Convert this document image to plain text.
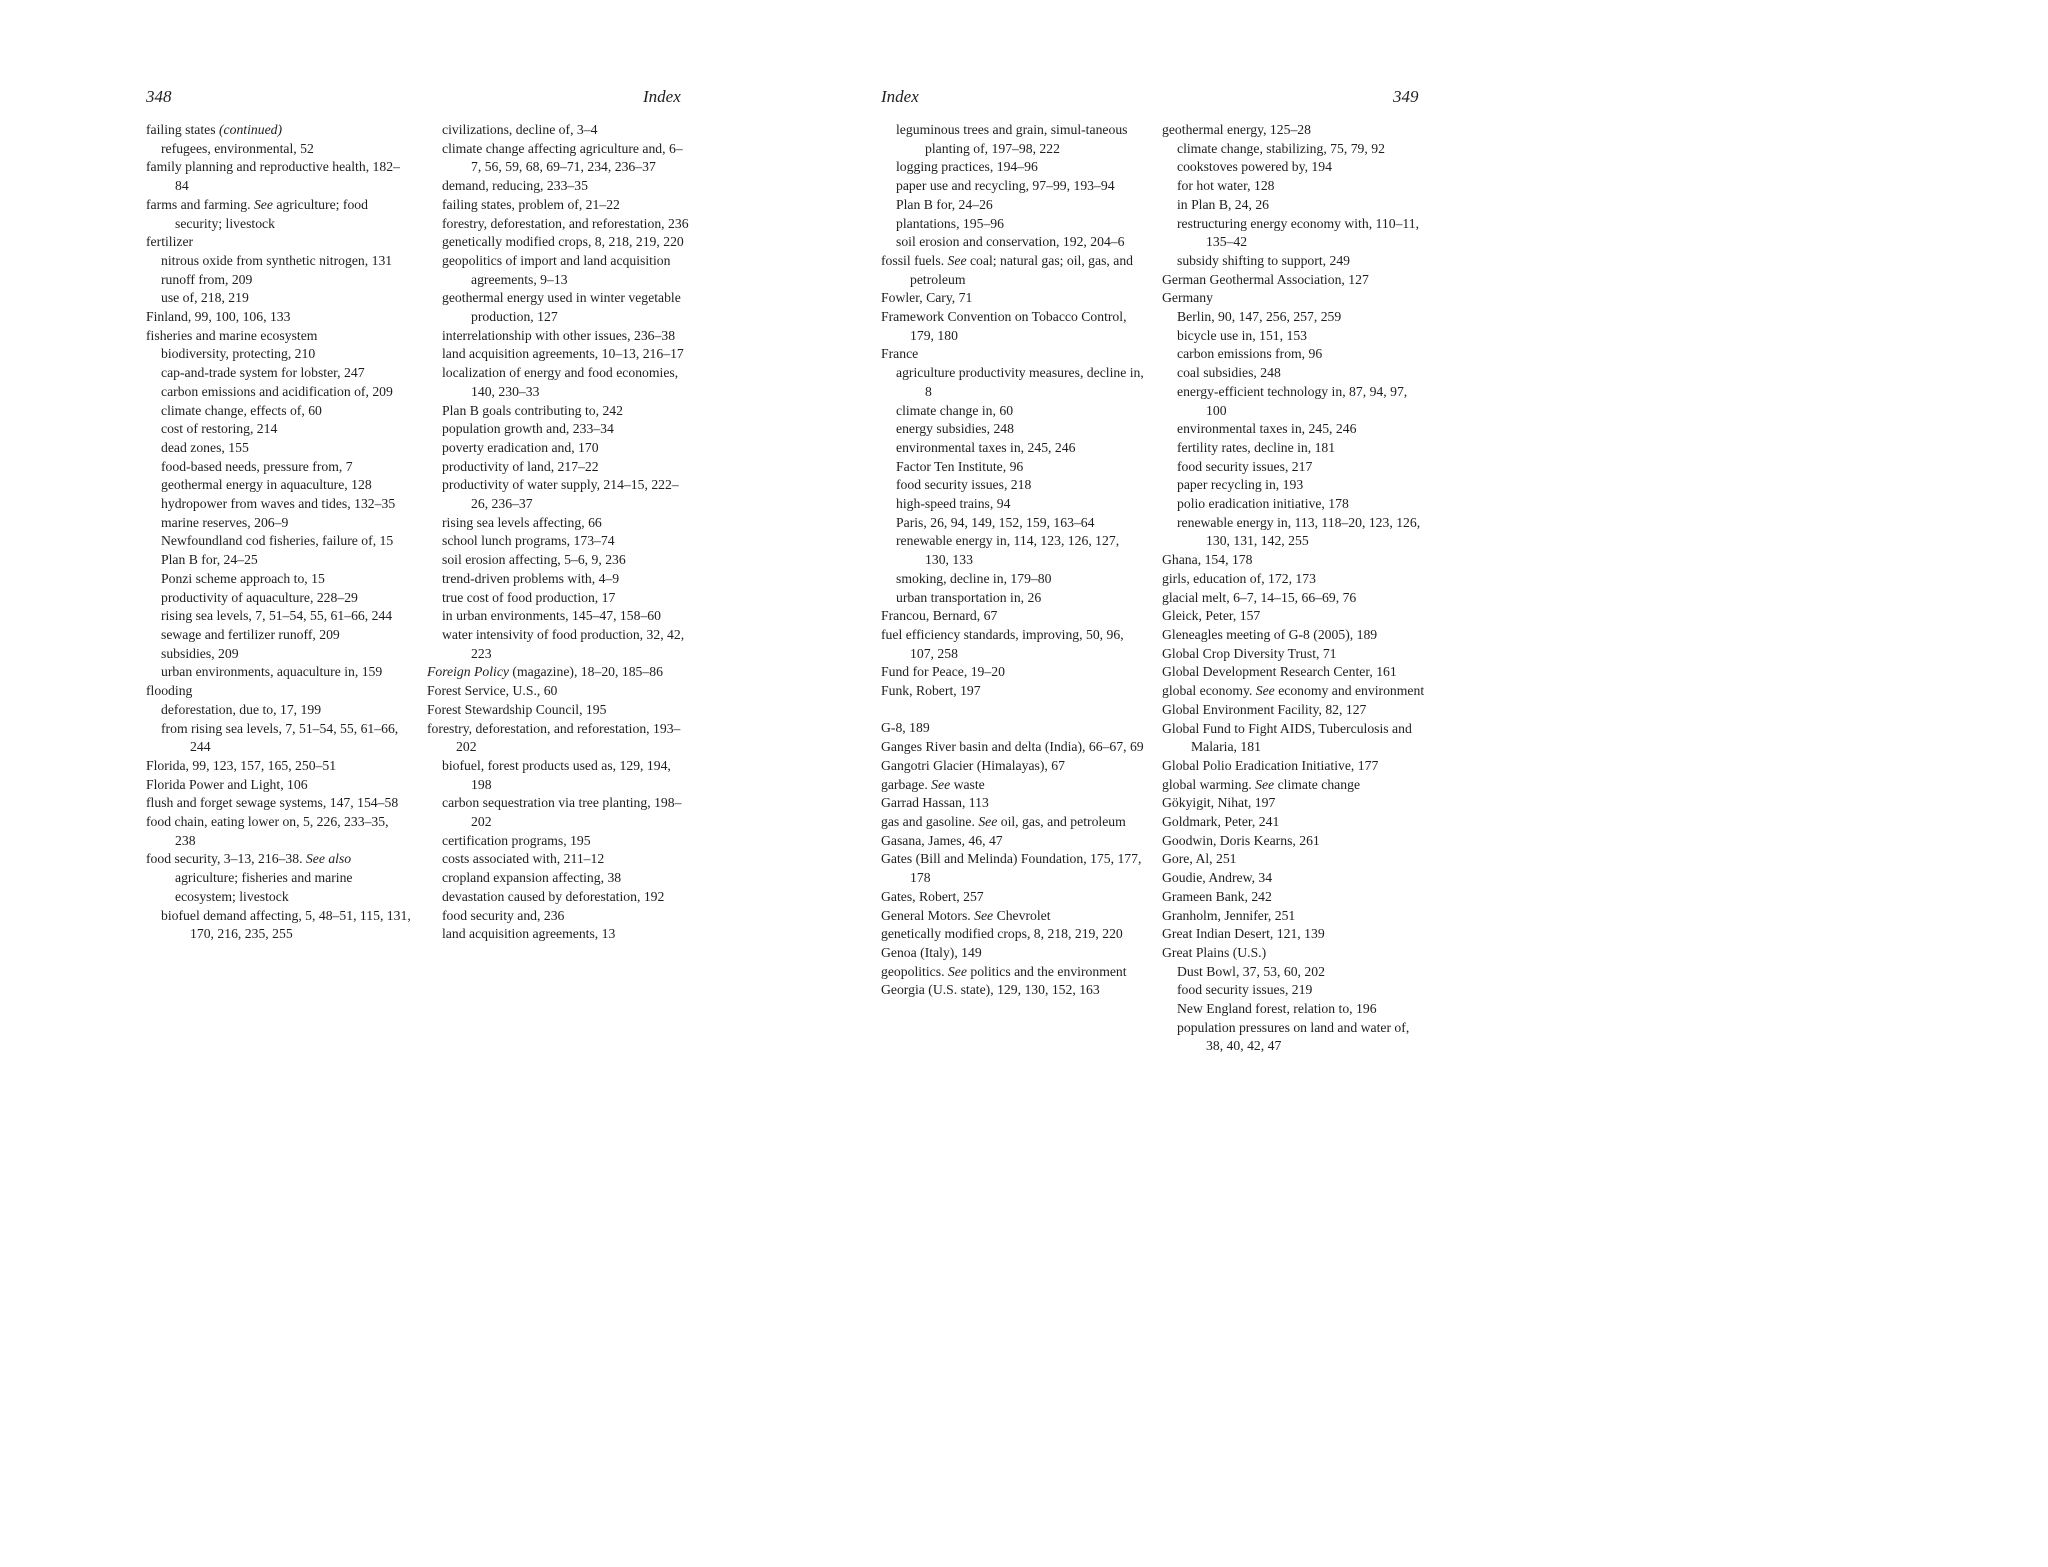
348	Index
failing states (continued)
refugees, environmental, 52
family planning and reproductive health, 182–84
farms and farming. See agriculture; food security; livestock
fertilizer
nitrous oxide from synthetic nitrogen, 131
runoff from, 209
use of, 218, 219
Finland, 99, 100, 106, 133
fisheries and marine ecosystem
biodiversity, protecting, 210
cap-and-trade system for lobster, 247
carbon emissions and acidification of, 209
climate change, effects of, 60
cost of restoring, 214
dead zones, 155
food-based needs, pressure from, 7
geothermal energy in aquaculture, 128
hydropower from waves and tides, 132–35
marine reserves, 206–9
Newfoundland cod fisheries, failure of, 15
Plan B for, 24–25
Ponzi scheme approach to, 15
productivity of aquaculture, 228–29
rising sea levels, 7, 51–54, 55, 61–66, 244
sewage and fertilizer runoff, 209
subsidies, 209
urban environments, aquaculture in, 159
flooding
deforestation, due to, 17, 199
from rising sea levels, 7, 51–54, 55, 61–66, 244
Florida, 99, 123, 157, 165, 250–51
Florida Power and Light, 106
flush and forget sewage systems, 147, 154–58
food chain, eating lower on, 5, 226, 233–35, 238
food security, 3–13, 216–38. See also agriculture; fisheries and marine ecosystem; livestock
biofuel demand affecting, 5, 48–51, 115, 131, 170, 216, 235, 255
civilizations, decline of, 3–4
climate change affecting agriculture and, 6–7, 56, 59, 68, 69–71, 234, 236–37
demand, reducing, 233–35
failing states, problem of, 21–22
forestry, deforestation, and reforestation, 236
genetically modified crops, 8, 218, 219, 220
geopolitics of import and land acquisition agreements, 9–13
geothermal energy used in winter vegetable production, 127
interrelationship with other issues, 236–38
land acquisition agreements, 10–13, 216–17
localization of energy and food economies, 140, 230–33
Plan B goals contributing to, 242
population growth and, 233–34
poverty eradication and, 170
productivity of land, 217–22
productivity of water supply, 214–15, 222–26, 236–37
rising sea levels affecting, 66
school lunch programs, 173–74
soil erosion affecting, 5–6, 9, 236
trend-driven problems with, 4–9
true cost of food production, 17
in urban environments, 145–47, 158–60
water intensivity of food production, 32, 42, 223
Foreign Policy (magazine), 18–20, 185–86
Forest Service, U.S., 60
Forest Stewardship Council, 195
forestry, deforestation, and reforestation, 193–202
biofuel, forest products used as, 129, 194, 198
carbon sequestration via tree planting, 198–202
certification programs, 195
costs associated with, 211–12
cropland expansion affecting, 38
devastation caused by deforestation, 192
food security and, 236
land acquisition agreements, 13
Index	349
leguminous trees and grain, simul-taneous planting of, 197–98, 222
logging practices, 194–96
paper use and recycling, 97–99, 193–94
Plan B for, 24–26
plantations, 195–96
soil erosion and conservation, 192, 204–6
fossil fuels. See coal; natural gas; oil, gas, and petroleum
Fowler, Cary, 71
Framework Convention on Tobacco Control, 179, 180
France
agriculture productivity measures, decline in, 8
climate change in, 60
energy subsidies, 248
environmental taxes in, 245, 246
Factor Ten Institute, 96
food security issues, 218
high-speed trains, 94
Paris, 26, 94, 149, 152, 159, 163–64
renewable energy in, 114, 123, 126, 127, 130, 133
smoking, decline in, 179–80
urban transportation in, 26
Francou, Bernard, 67
fuel efficiency standards, improving, 50, 96, 107, 258
Fund for Peace, 19–20
Funk, Robert, 197
G-8, 189
Ganges River basin and delta (India), 66–67, 69
Gangotri Glacier (Himalayas), 67
garbage. See waste
Garrad Hassan, 113
gas and gasoline. See oil, gas, and petroleum
Gasana, James, 46, 47
Gates (Bill and Melinda) Foundation, 175, 177, 178
Gates, Robert, 257
General Motors. See Chevrolet
genetically modified crops, 8, 218, 219, 220
Genoa (Italy), 149
geopolitics. See politics and the environment
Georgia (U.S. state), 129, 130, 152, 163
geothermal energy, 125–28
climate change, stabilizing, 75, 79, 92
cookstoves powered by, 194
for hot water, 128
in Plan B, 24, 26
restructuring energy economy with, 110–11, 135–42
subsidy shifting to support, 249
German Geothermal Association, 127
Germany
Berlin, 90, 147, 256, 257, 259
bicycle use in, 151, 153
carbon emissions from, 96
coal subsidies, 248
energy-efficient technology in, 87, 94, 97, 100
environmental taxes in, 245, 246
fertility rates, decline in, 181
food security issues, 217
paper recycling in, 193
polio eradication initiative, 178
renewable energy in, 113, 118–20, 123, 126, 130, 131, 142, 255
Ghana, 154, 178
girls, education of, 172, 173
glacial melt, 6–7, 14–15, 66–69, 76
Gleick, Peter, 157
Gleneagles meeting of G-8 (2005), 189
Global Crop Diversity Trust, 71
Global Development Research Center, 161
global economy. See economy and environment
Global Environment Facility, 82, 127
Global Fund to Fight AIDS, Tuberculosis and Malaria, 181
Global Polio Eradication Initiative, 177
global warming. See climate change
Gökyigit, Nihat, 197
Goldmark, Peter, 241
Goodwin, Doris Kearns, 261
Gore, Al, 251
Goudie, Andrew, 34
Grameen Bank, 242
Granholm, Jennifer, 251
Great Indian Desert, 121, 139
Great Plains (U.S.)
Dust Bowl, 37, 53, 60, 202
food security issues, 219
New England forest, relation to, 196
population pressures on land and water of, 38, 40, 42, 47
